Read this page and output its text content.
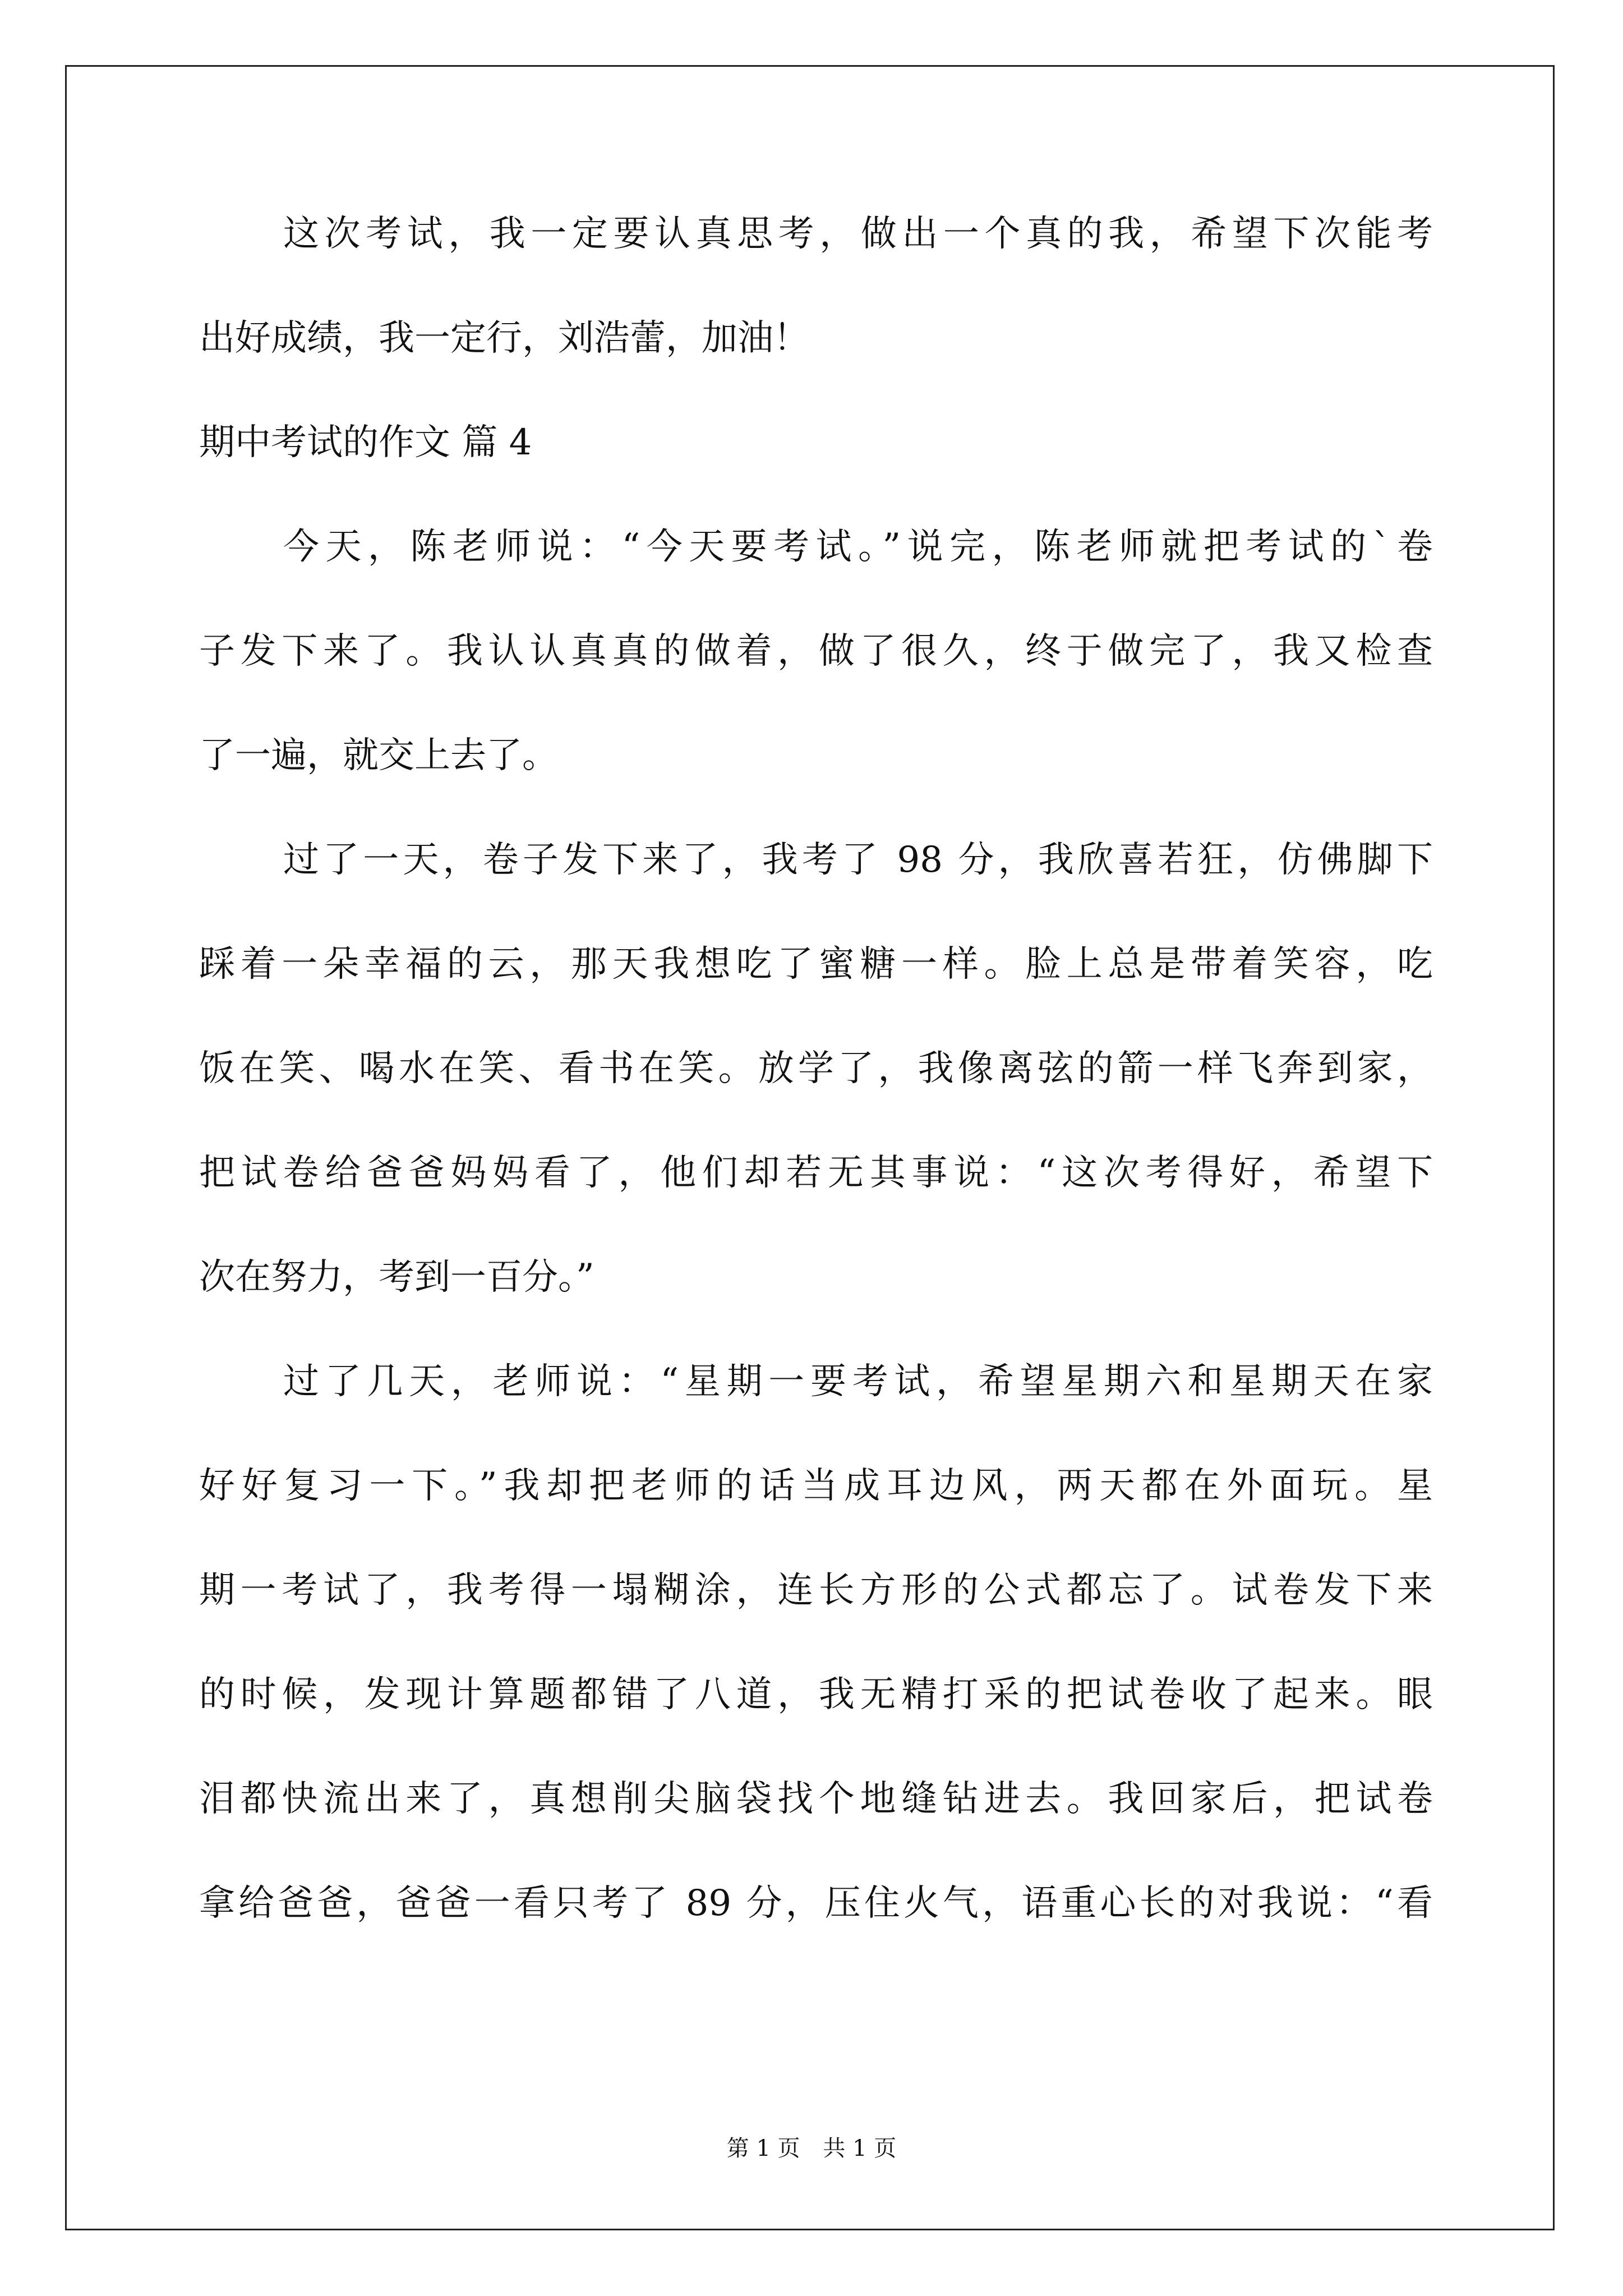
这次考试，我一定要认真思考，做出一个真的我，希望下次能考
出好成绩，我一定行，刘浩蕾，加油！
期中考试的作文 篇 4
今天，陈老师说：“今天要考试。”说完，陈老师就把考试的`卷
子发下来了。我认认真真的做着，做了很久，终于做完了，我又检查
了一遍，就交上去了。
过了一天，卷子发下来了，我考了 98 分，我欣喜若狂，仿佛脚下
踩着一朵幸福的云，那天我想吃了蜜糖一样。脸上总是带着笑容，吃
饭在笑、喝水在笑、看书在笑。放学了，我像离弦的箭一样飞奔到家，
把试卷给爸爸妈妈看了，他们却若无其事说：“这次考得好，希望下
次在努力，考到一百分。”
过了几天，老师说：“星期一要考试，希望星期六和星期天在家
好好复习一下。”我却把老师的话当成耳边风，两天都在外面玩。星
期一考试了，我考得一塌糊涂，连长方形的公式都忘了。试卷发下来
的时候，发现计算题都错了八道，我无精打采的把试卷收了起来。眼
泪都快流出来了，真想削尖脑袋找个地缝钻进去。我回家后，把试卷
拿给爸爸，爸爸一看只考了 89 分，压住火气，语重心长的对我说：“看
第 1 页 共 1 页
